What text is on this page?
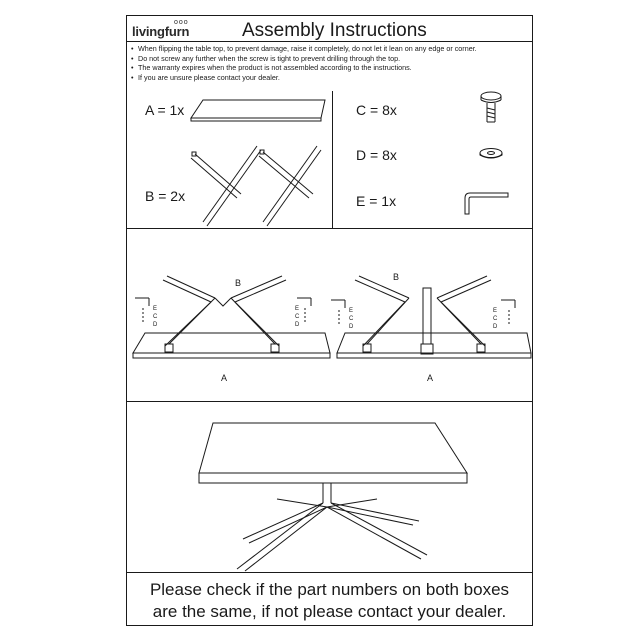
livingfurn
ooo	Assembly Instructions
• When flipping the table top, to prevent damage, raise it completely, do not let it lean on any edge or corner.
• Do not screw any further when the screw is tight to prevent drilling through the top.
• The warranty expires when the product is not assembled according to the instructions.
• If you are unsure please contact your dealer.
A = 1x
B = 2x
C = 8x
D = 8x
E = 1x
B
A
B
A
E
C
D
E
C
D
E
C
D
E
C
D
Please check if the part numbers on both boxes
are the same, if not please contact your dealer.
